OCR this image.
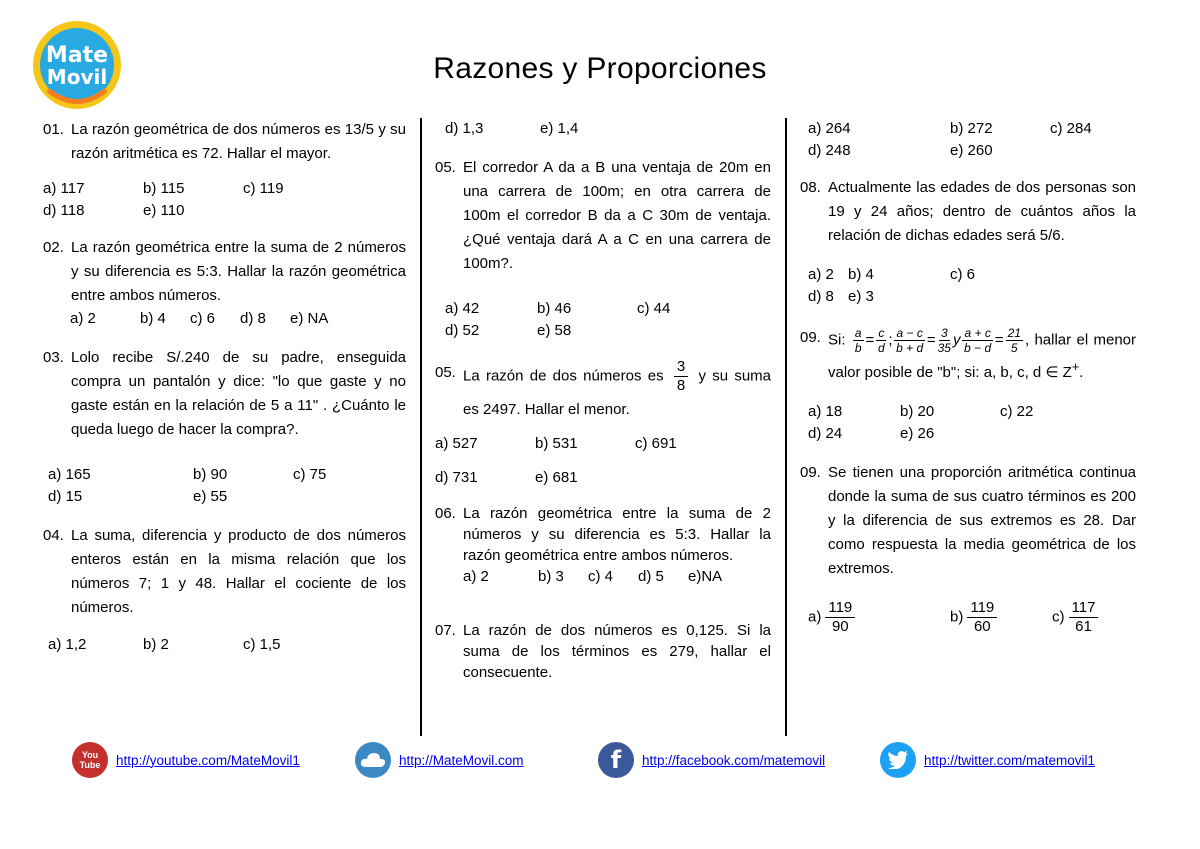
Mate
Movil	Razones y Proporciones
01. La razón geométrica de dos números es 13/5 y su razón aritmética es 72. Hallar el mayor.
a) 117	b) 115	c) 119
d) 118	e) 110
02. La razón geométrica entre la suma de 2 números y su diferencia es 5:3. Hallar la razón geométrica entre ambos números.
a) 2	b) 4	c) 6	d) 8	e) NA
03. Lolo recibe S/.240 de su padre, enseguida compra un pantalón y dice: "lo que gaste y no gaste están en la relación de 5 a 11" . ¿Cuánto le queda luego de hacer la compra?.
a) 165	b) 90	c) 75
d) 15	e) 55
04. La suma, diferencia y producto de dos números enteros están en la misma relación que los números 7; 1 y 48. Hallar el cociente de los números.
a) 1,2	b) 2	c) 1,5
d) 1,3	e) 1,4
05. El corredor A da a B una ventaja de 20m en una carrera de 100m; en otra carrera de 100m el corredor B da a C 30m de ventaja. ¿Qué ventaja dará A a C en una carrera de 100m?.
a) 42	b) 46	c) 44
d) 52	e) 58
05. La razón de dos números es $\frac{3}{8}$ y su suma es 2497. Hallar el menor.
a) 527	b) 531	c) 691
d) 731	e) 681
06. La razón geométrica entre la suma de 2 números y su diferencia es 5:3. Hallar la razón geométrica entre ambos números.
a) 2	b) 3	c) 4	d) 5	e)NA
07. La razón de dos números es 0,125. Si la suma de los términos es 279, hallar el consecuente.
a) 264	b) 272	c) 284
d) 248	e) 260
08. Actualmente las edades de dos personas son 19 y 24 años; dentro de cuántos años la relación de dichas edades será 5/6.
a) 2 b) 4	c) 6
d) 8 e) 3
09. Si: $\frac{a}{b} = \frac{c}{d}$ ; $\frac{a - c}{b + d} = \frac{3}{35}$ y $\frac{a + c}{b - d} = \frac{21}{5}$ , hallar el menor valor posible de "b"; si: a, b, c, d ∈ Z+.
a) 18	b) 20	c) 22
d) 24	e) 26
09. Se tienen una proporción aritmética continua donde la suma de sus cuatro términos es 200 y la diferencia de sus extremos es 28. Dar como respuesta la media geométrica de los extremos.
$a) \frac{119}{90}$	$b) \frac{119}{60}$	$c) \frac{117}{61}$
You Tube	http://youtube.com/MateMovil1	http://MateMovil.com	f	http://facebook.com/matemovil	http://twitter.com/matemovil1
